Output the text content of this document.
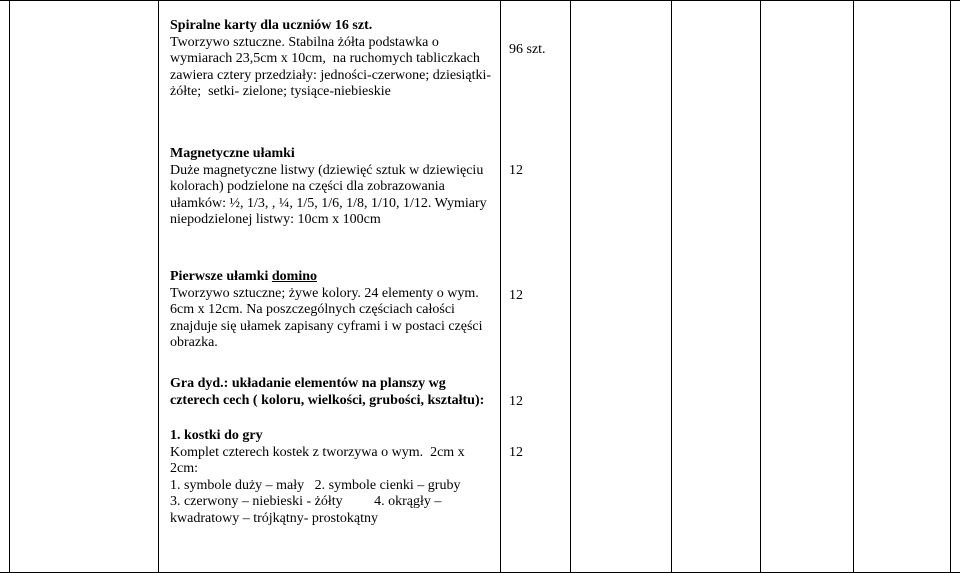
Spiralne karty dla uczniów 16 szt.
Tworzywo sztuczne. Stabilna żółta podstawka o wymiarach 23,5cm x 10cm,  na ruchomych tabliczkach zawiera cztery przedziały: jedności-czerwone; dziesiątki- żółte;  setki- zielone; tysiące-niebieskie
96 szt.
Magnetyczne ułamki
Duże magnetyczne listwy (dziewięć sztuk w dziewięciu kolorach) podzielone na części dla zobrazowania ułamków: ½, 1/3, , ¼, 1/5, 1/6, 1/8, 1/10, 1/12. Wymiary niepodzielonej listwy: 10cm x 100cm
12
Pierwsze ułamki domino
Tworzywo sztuczne; żywe kolory. 24 elementy o wym. 6cm x 12cm. Na poszczególnych częściach całości znajduje się ułamek zapisany cyframi i w postaci części obrazka.
12
Gra dyd.: układanie elementów na planszy wg czterech cech ( koloru, wielkości, grubości, kształtu):	12
1. kostki do gry
Komplet czterech kostek z tworzywa o wym.  2cm x 2cm:
1. symbole duży – mały   2. symbole cienki – gruby
3. czerwony – niebieski - żółty         4. okrągły – kwadratowy – trójkątny- prostokątny
12
